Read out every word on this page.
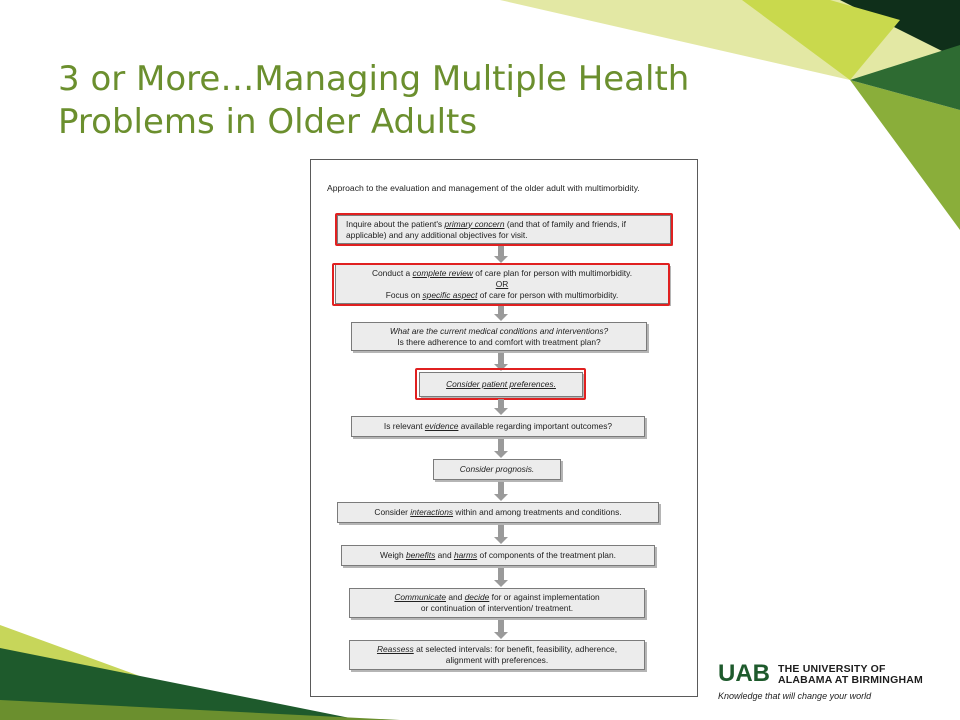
3 or More…Managing Multiple Health
Problems in Older Adults
Approach to the evaluation and management of the older adult with multimorbidity.
Inquire about the patient's primary concern (and that of family and friends, if
applicable) and any additional objectives for visit.
Conduct a complete review of care plan for person with multimorbidity.
OR
Focus on specific aspect of care for person with multimorbidity.
What are the current medical conditions and interventions?
Is there adherence to and comfort with treatment plan?
Consider patient preferences.
Is relevant evidence available regarding important outcomes?
Consider prognosis.
Consider interactions within and among treatments and conditions.
Weigh benefits and harms of components of the treatment plan.
Communicate and decide for or against implementation
or continuation of intervention/ treatment.
Reassess at selected intervals: for benefit, feasibility, adherence,
alignment with preferences.	UAB THE UNIVERSITY OF
ALABAMA AT BIRMINGHAM
Knowledge that will change your world
